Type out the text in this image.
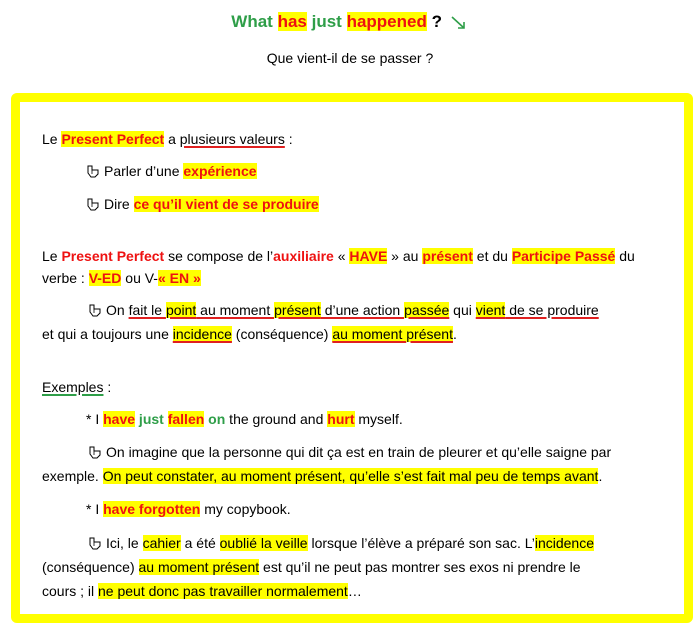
What has just happened ?
Que vient-il de se passer ?
Le Present Perfect a plusieurs valeurs :
Parler d’une expérience
Dire ce qu’il vient de se produire
Le Present Perfect se compose de l’auxiliaire « HAVE » au présent et du Participe Passé du
verbe : V-ED ou V-« EN »
On fait le point au moment présent d’une action passée qui vient de se produire
et qui a toujours une incidence (conséquence) au moment présent.
Exemples :
* I have just fallen on the ground and hurt myself.
On imagine que la personne qui dit ça est en train de pleurer et qu’elle saigne par
exemple. On peut constater, au moment présent, qu’elle s’est fait mal peu de temps avant.
* I have forgotten my copybook.
Ici, le cahier a été oublié la veille lorsque l’élève a préparé son sac. L’incidence
(conséquence) au moment présent est qu’il ne peut pas montrer ses exos ni prendre le
cours ; il ne peut donc pas travailler normalement…
